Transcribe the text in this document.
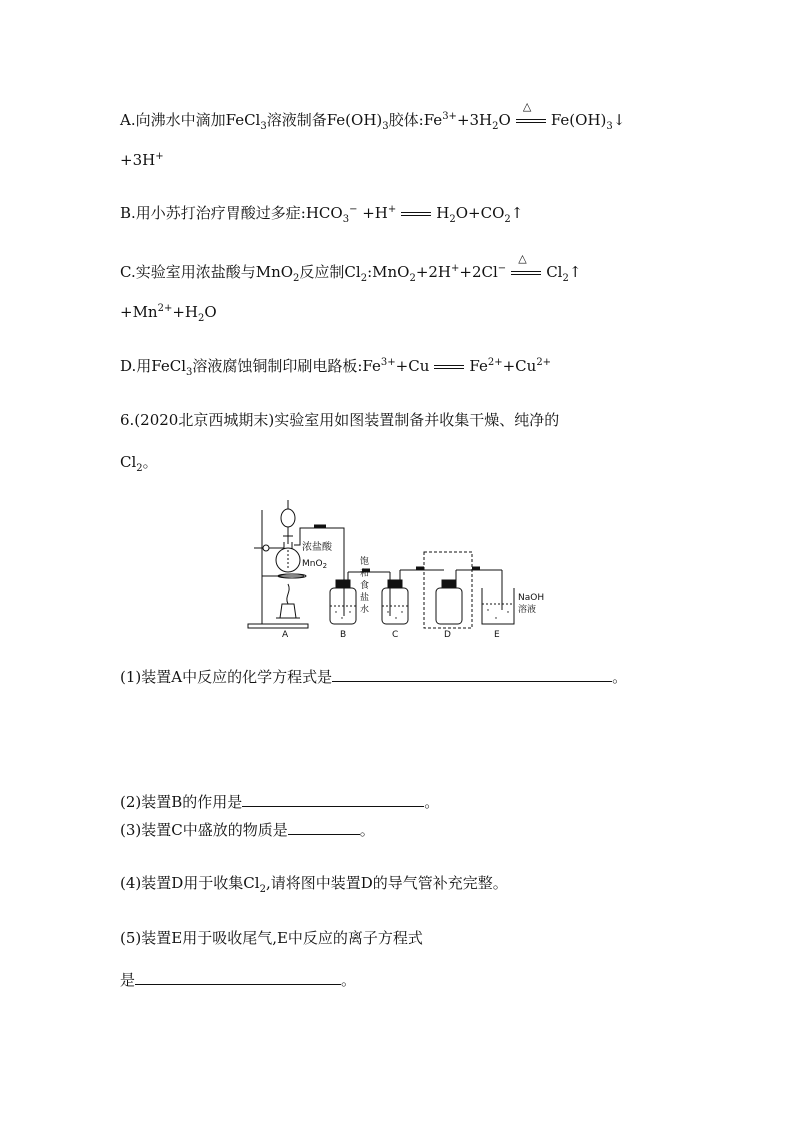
A.向沸水中滴加FeCl$_3$溶液制备$Fe(OH)_3$胶体$:Fe^{3+}+3H_2O$
△
$Fe(OH)_3↓$
+3H+
B.用小苏打治疗胃酸过多症$:HCO_3^- +H^+$	$H_2O+CO_2↑$
C.实验室用浓盐酸与MnO$_2$反应制$Cl_2:MnO_2+2H^++2Cl^-$
△
$Cl_2↑$
$+Mn^{2+}+H_2O$
D.用FeCl$_3$溶液腐蚀铜制印刷电路板$:Fe^{3+}+Cu$	$Fe^{2+}+Cu^{2+}$
6.(2020北京西城期末)实验室用如图装置制备并收集干燥、纯净的
$Cl_2$。
浓盐酸
MnO$_2$	饱
和
食
盐
水
NaOH
溶液
A	B	C	D	E
(1)装置A中反应的化学方程式是	。
(2)装置B的作用是	。
(3)装置C中盛放的物质是	。
(4)装置D用于收集$Cl_2$,请将图中装置D的导气管补充完整。
(5)装置E用于吸收尾气,E中反应的离子方程式
是	。
